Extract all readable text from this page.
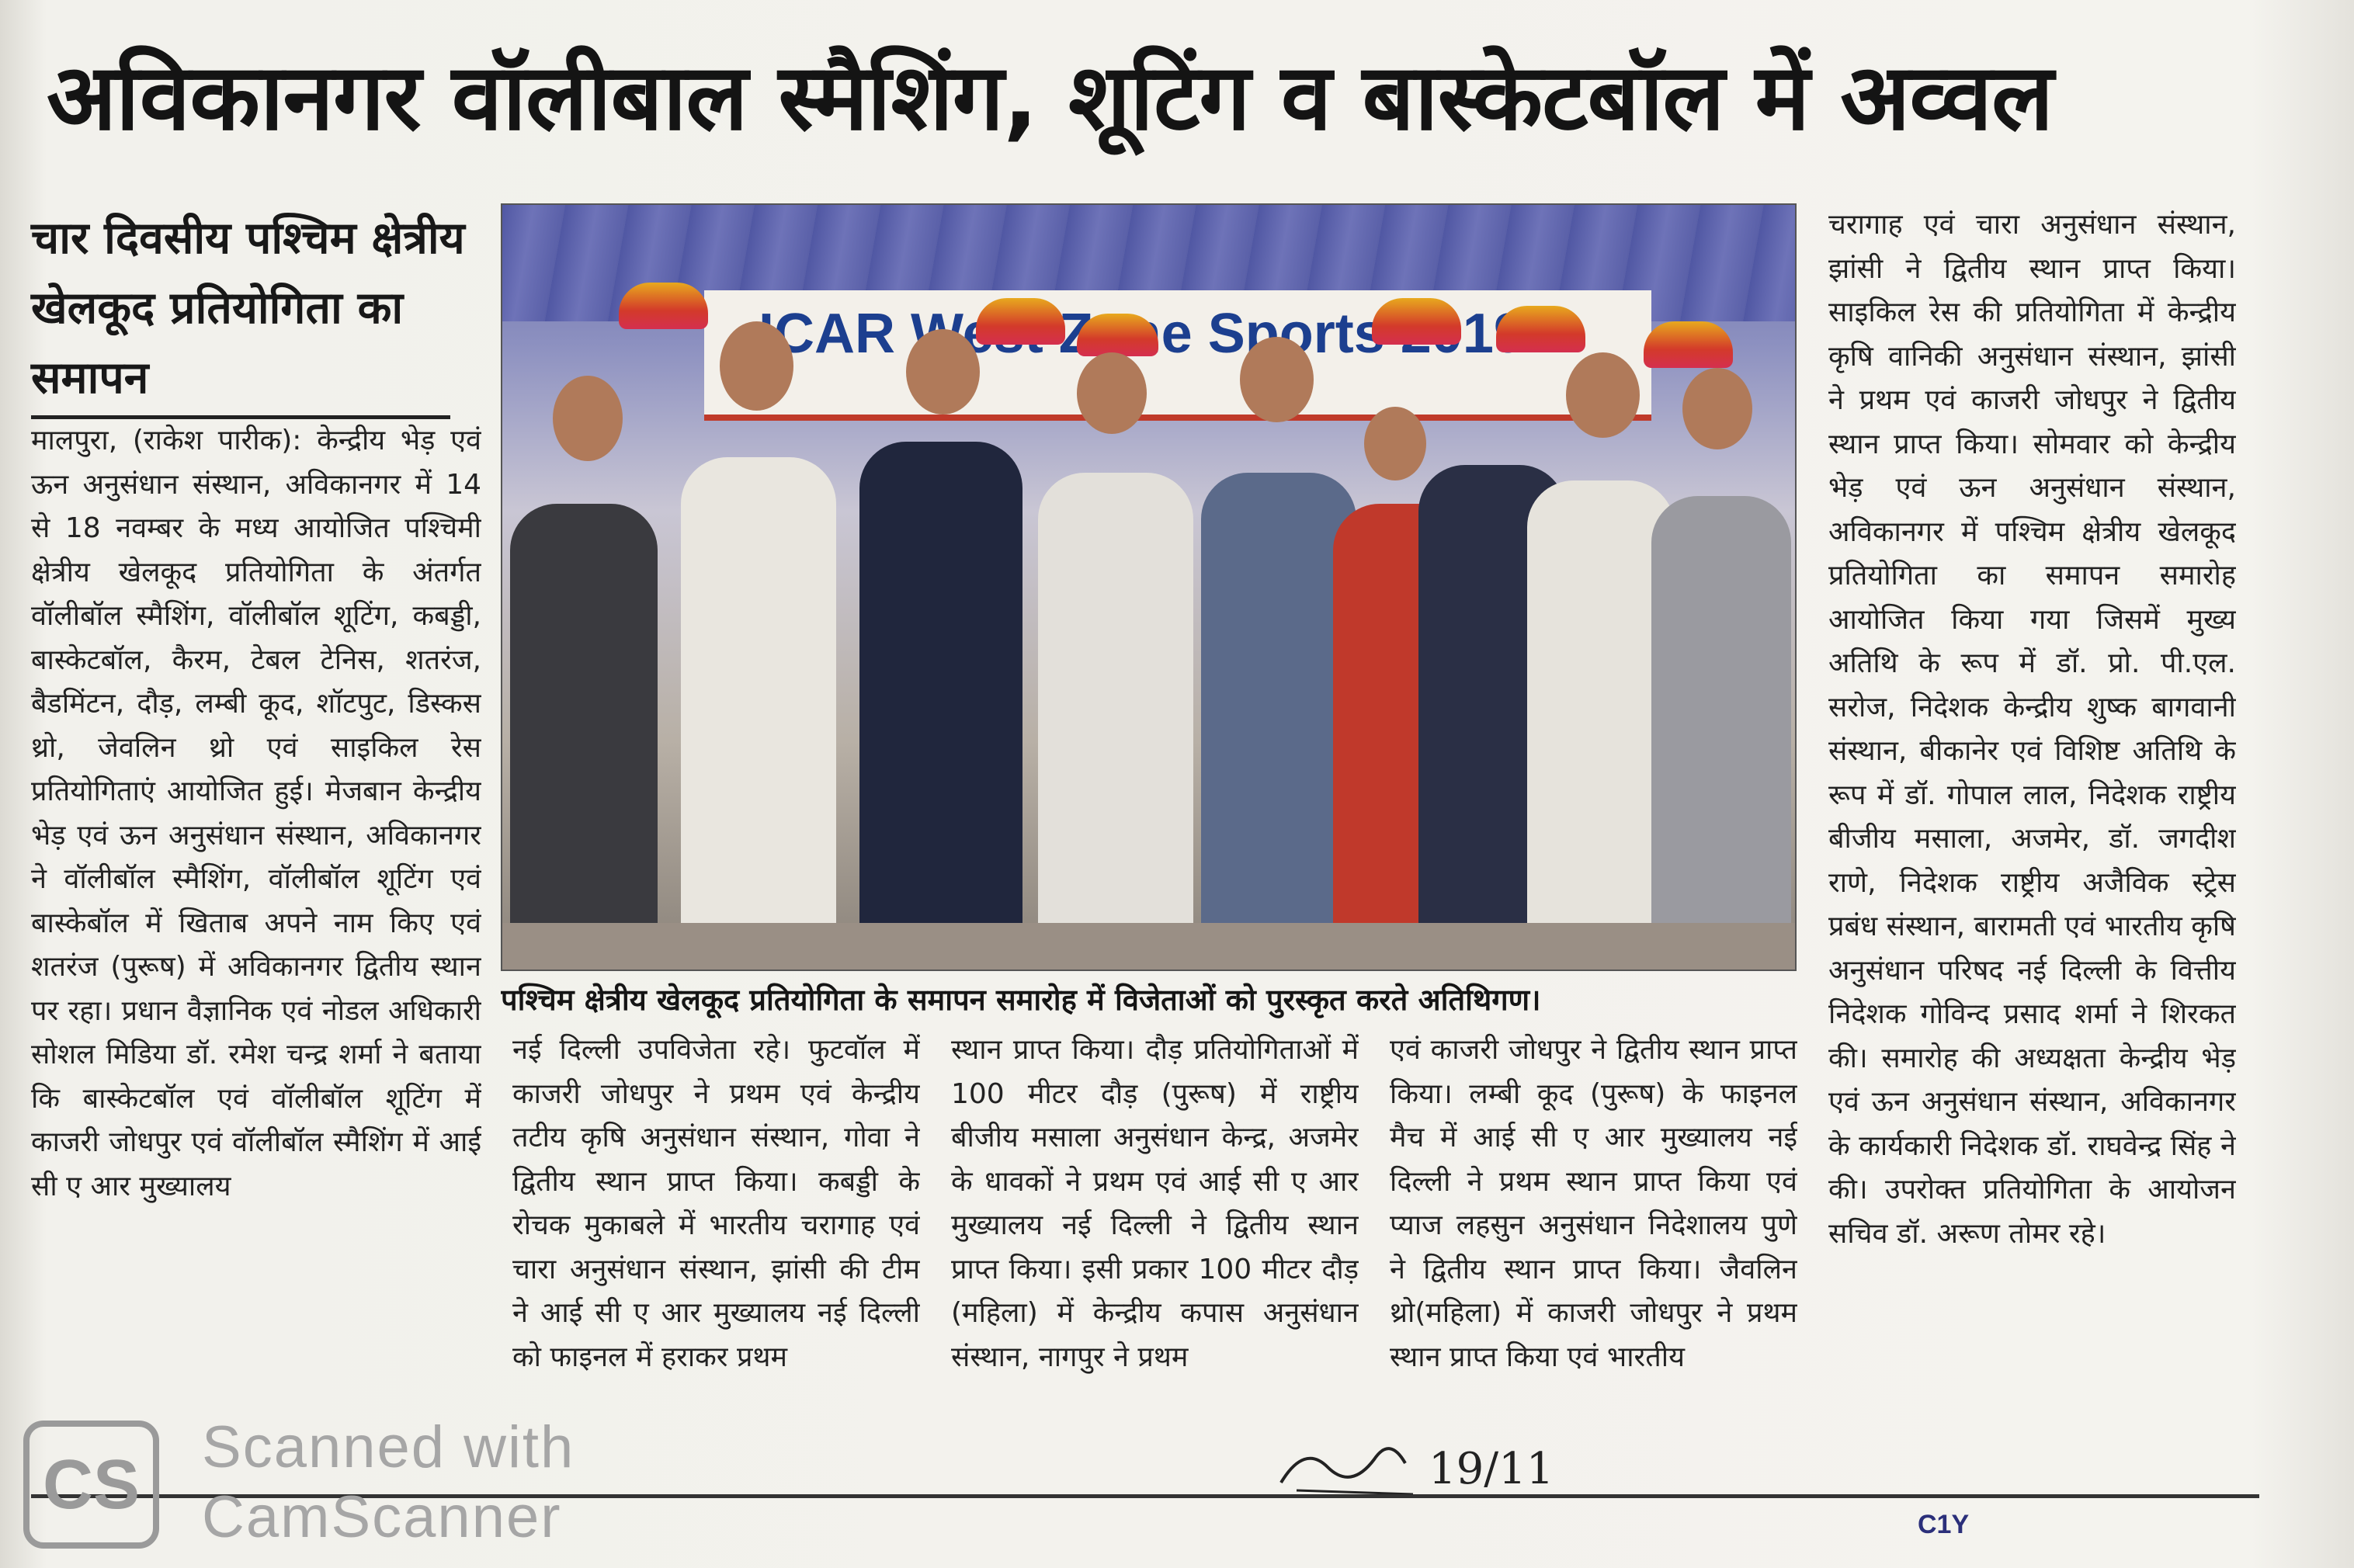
अविकानगर वॉलीबाल स्मैशिंग, शूटिंग व बास्केटबॉल में अव्वल
चार दिवसीय पश्चिम क्षेत्रीय खेलकूद प्रतियोगिता का समापन

मालपुरा, (राकेश पारीक): केन्द्रीय भेड़ एवं ऊन अनुसंधान संस्थान, अविकानगर में 14 से 18 नवम्बर के मध्य आयोजित पश्चिमी क्षेत्रीय खेलकूद प्रतियोगिता के अंतर्गत वॉलीबॉल स्मैशिंग, वॉलीबॉल शूटिंग, कबड्डी, बास्केटबॉल, कैरम, टेबल टेनिस, शतरंज, बैडमिंटन, दौड़, लम्बी कूद, शॉटपुट, डिस्कस थ्रो, जेवलिन थ्रो एवं साइकिल रेस प्रतियोगिताएं आयोजित हुई। मेजबान केन्द्रीय भेड़ एवं ऊन अनुसंधान संस्थान, अविकानगर ने वॉलीबॉल स्मैशिंग, वॉलीबॉल शूटिंग एवं बास्केबॉल में खिताब अपने नाम किए एवं शतरंज (पुरूष) में अविकानगर द्वितीय स्थान पर रहा। प्रधान वैज्ञानिक एवं नोडल अधिकारी सोशल मिडिया डॉ. रमेश चन्द्र शर्मा ने बताया कि बास्केटबॉल एवं वॉलीबॉल शूटिंग में काजरी जोधपुर एवं वॉलीबॉल स्मैशिंग में आई सी ए आर मुख्यालय

ICAR Sports 2019
पश्चिम क्षेत्रीय खेलकूद प्रतियोगिता के समापन समारोह में विजेताओं को पुरस्कृत करते अतिथिगण।

नई दिल्ली उपविजेता रहे। फुटवॉल में काजरी जोधपुर ने प्रथम एवं केन्द्रीय तटीय कृषि अनुसंधान संस्थान, गोवा ने द्वितीय स्थान प्राप्त किया। कबड्डी के रोचक मुकाबले में भारतीय चरागाह एवं चारा अनुसंधान संस्थान, झांसी की टीम ने आई सी ए आर मुख्यालय नई दिल्ली को फाइनल में हराकर प्रथम

स्थान प्राप्त किया। दौड़ प्रतियोगिताओं में 100 मीटर दौड़ (पुरूष) में राष्ट्रीय बीजीय मसाला अनुसंधान केन्द्र, अजमेर के धावकों ने प्रथम एवं आई सी ए आर मुख्यालय नई दिल्ली ने द्वितीय स्थान प्राप्त किया। इसी प्रकार 100 मीटर दौड़ (महिला) में केन्द्रीय कपास अनुसंधान संस्थान, नागपुर ने प्रथम

एवं काजरी जोधपुर ने द्वितीय स्थान प्राप्त किया। लम्बी कूद (पुरूष) के फाइनल मैच में आई सी ए आर मुख्यालय नई दिल्ली ने प्रथम स्थान प्राप्त किया एवं प्याज लहसुन अनुसंधान निदेशालय पुणे ने द्वितीय स्थान प्राप्त किया। जैवलिन थ्रो(महिला) में काजरी जोधपुर ने प्रथम स्थान प्राप्त किया एवं भारतीय

चरागाह एवं चारा अनुसंधान संस्थान, झांसी ने द्वितीय स्थान प्राप्त किया। साइकिल रेस की प्रतियोगिता में केन्द्रीय कृषि वानिकी अनुसंधान संस्थान, झांसी ने प्रथम एवं काजरी जोधपुर ने द्वितीय स्थान प्राप्त किया। सोमवार को केन्द्रीय भेड़ एवं ऊन अनुसंधान संस्थान, अविकानगर में पश्चिम क्षेत्रीय खेलकूद प्रतियोगिता का समापन समारोह आयोजित किया गया जिसमें मुख्य अतिथि के रूप में डॉ. प्रो. पी.एल. सरोज, निदेशक केन्द्रीय शुष्क बागवानी संस्थान, बीकानेर एवं विशिष्ट अतिथि के रूप में डॉ. गोपाल लाल, निदेशक राष्ट्रीय बीजीय मसाला, अजमेर, डॉ. जगदीश राणे, निदेशक राष्ट्रीय अजैविक स्ट्रेस प्रबंध संस्थान, बारामती एवं भारतीय कृषि अनुसंधान परिषद नई दिल्ली के वित्तीय निदेशक गोविन्द प्रसाद शर्मा ने शिरकत की। समारोह की अध्यक्षता केन्द्रीय भेड़ एवं ऊन अनुसंधान संस्थान, अविकानगर के कार्यकारी निदेशक डॉ. राघवेन्द्र सिंह ने की। उपरोक्त प्रतियोगिता के आयोजन सचिव डॉ. अरूण तोमर रहे।

19/11
C1Y
CS	Scanned with
CamScanner
